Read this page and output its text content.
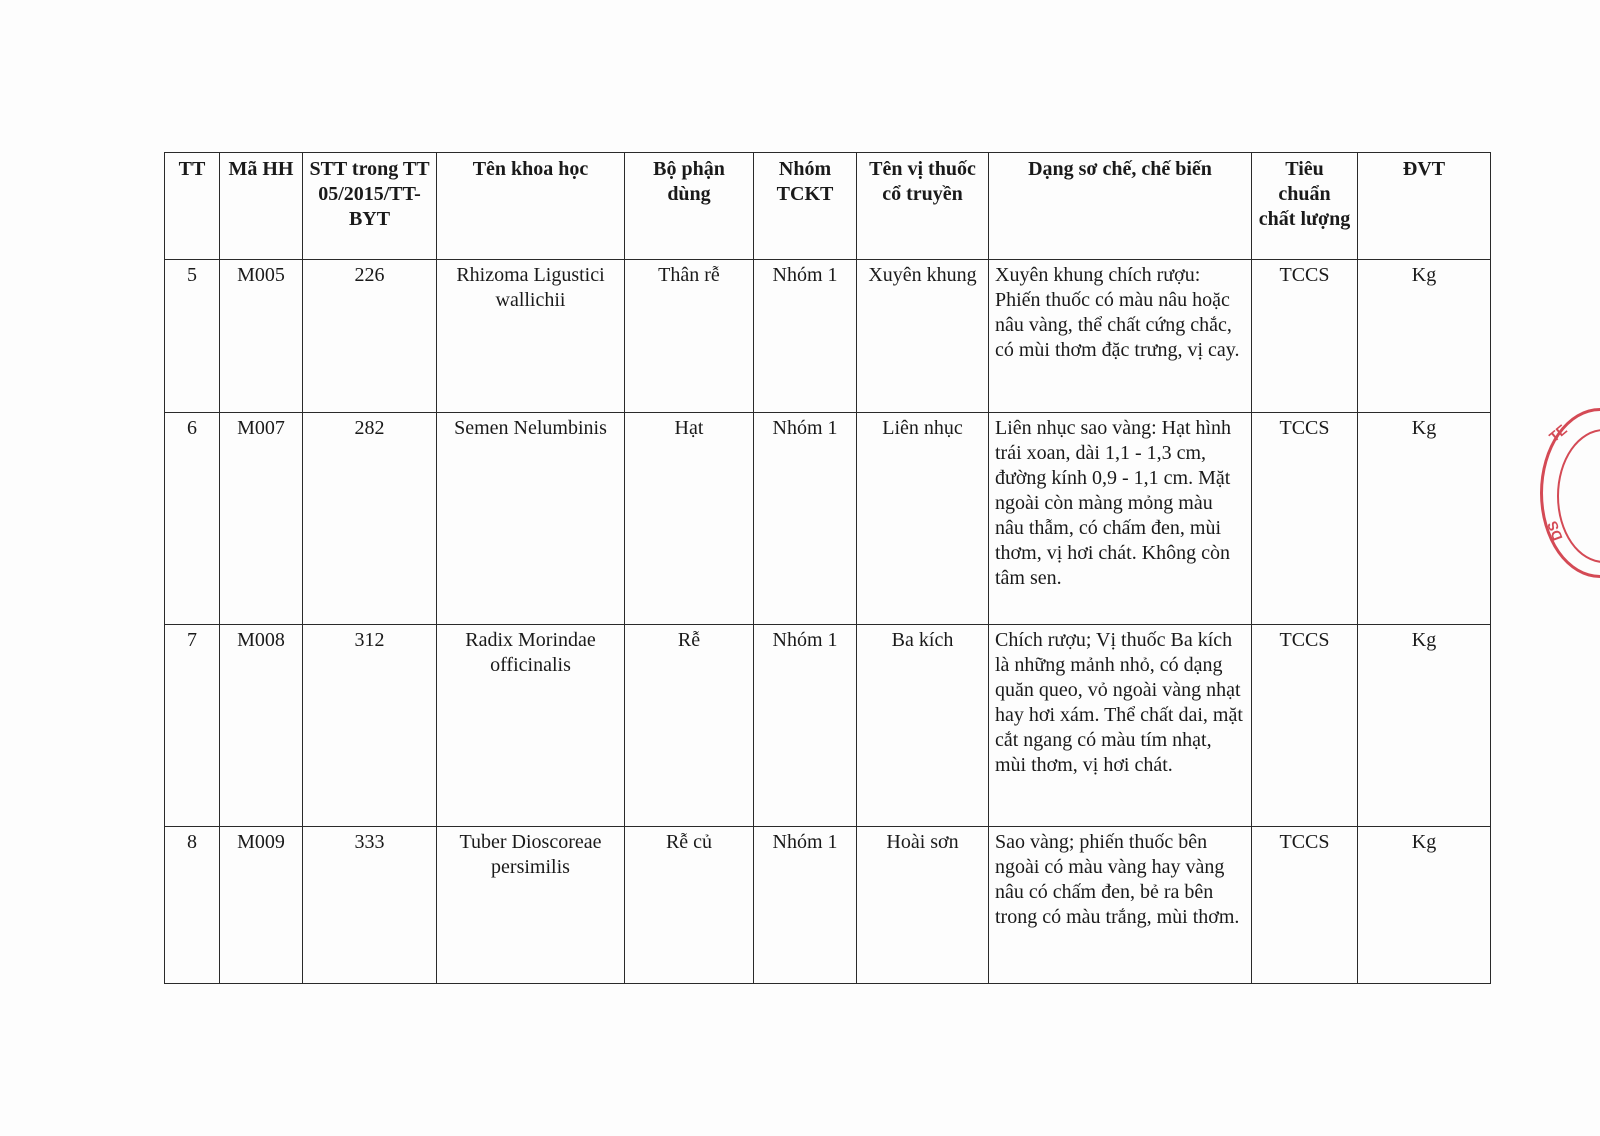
TT	Mã HH	STT trong TT 05/2015/TT-BYT	Tên khoa học	Bộ phận dùng	Nhóm TCKT	Tên vị thuốc cổ truyền	Dạng sơ chế, chế biến	Tiêu chuẩn chất lượng	ĐVT
5	M005	226	Rhizoma Ligustici wallichii	Thân rễ	Nhóm 1	Xuyên khung	Xuyên khung chích rượu: Phiến thuốc có màu nâu hoặc nâu vàng, thể chất cứng chắc, có mùi thơm đặc trưng, vị cay.	TCCS	Kg
6	M007	282	Semen Nelumbinis	Hạt	Nhóm 1	Liên nhục	Liên nhục sao vàng: Hạt hình trái xoan, dài 1,1 - 1,3 cm, đường kính 0,9 - 1,1 cm. Mặt ngoài còn màng mỏng màu nâu thẫm, có chấm đen, mùi thơm, vị hơi chát. Không còn tâm sen.	TCCS	Kg
7	M008	312	Radix Morindae officinalis	Rễ	Nhóm 1	Ba kích	Chích rượu; Vị thuốc Ba kích là những mảnh nhỏ, có dạng quăn queo, vỏ ngoài vàng nhạt hay hơi xám. Thể chất dai, mặt cắt ngang có màu tím nhạt, mùi thơm, vị hơi chát.	TCCS	Kg
8	M009	333	Tuber Dioscoreae persimilis	Rễ củ	Nhóm 1	Hoài sơn	Sao vàng; phiến thuốc bên ngoài có màu vàng hay vàng nâu có chấm đen, bẻ ra bên trong có màu trắng, mùi thơm.	TCCS	Kg
TE
DS
